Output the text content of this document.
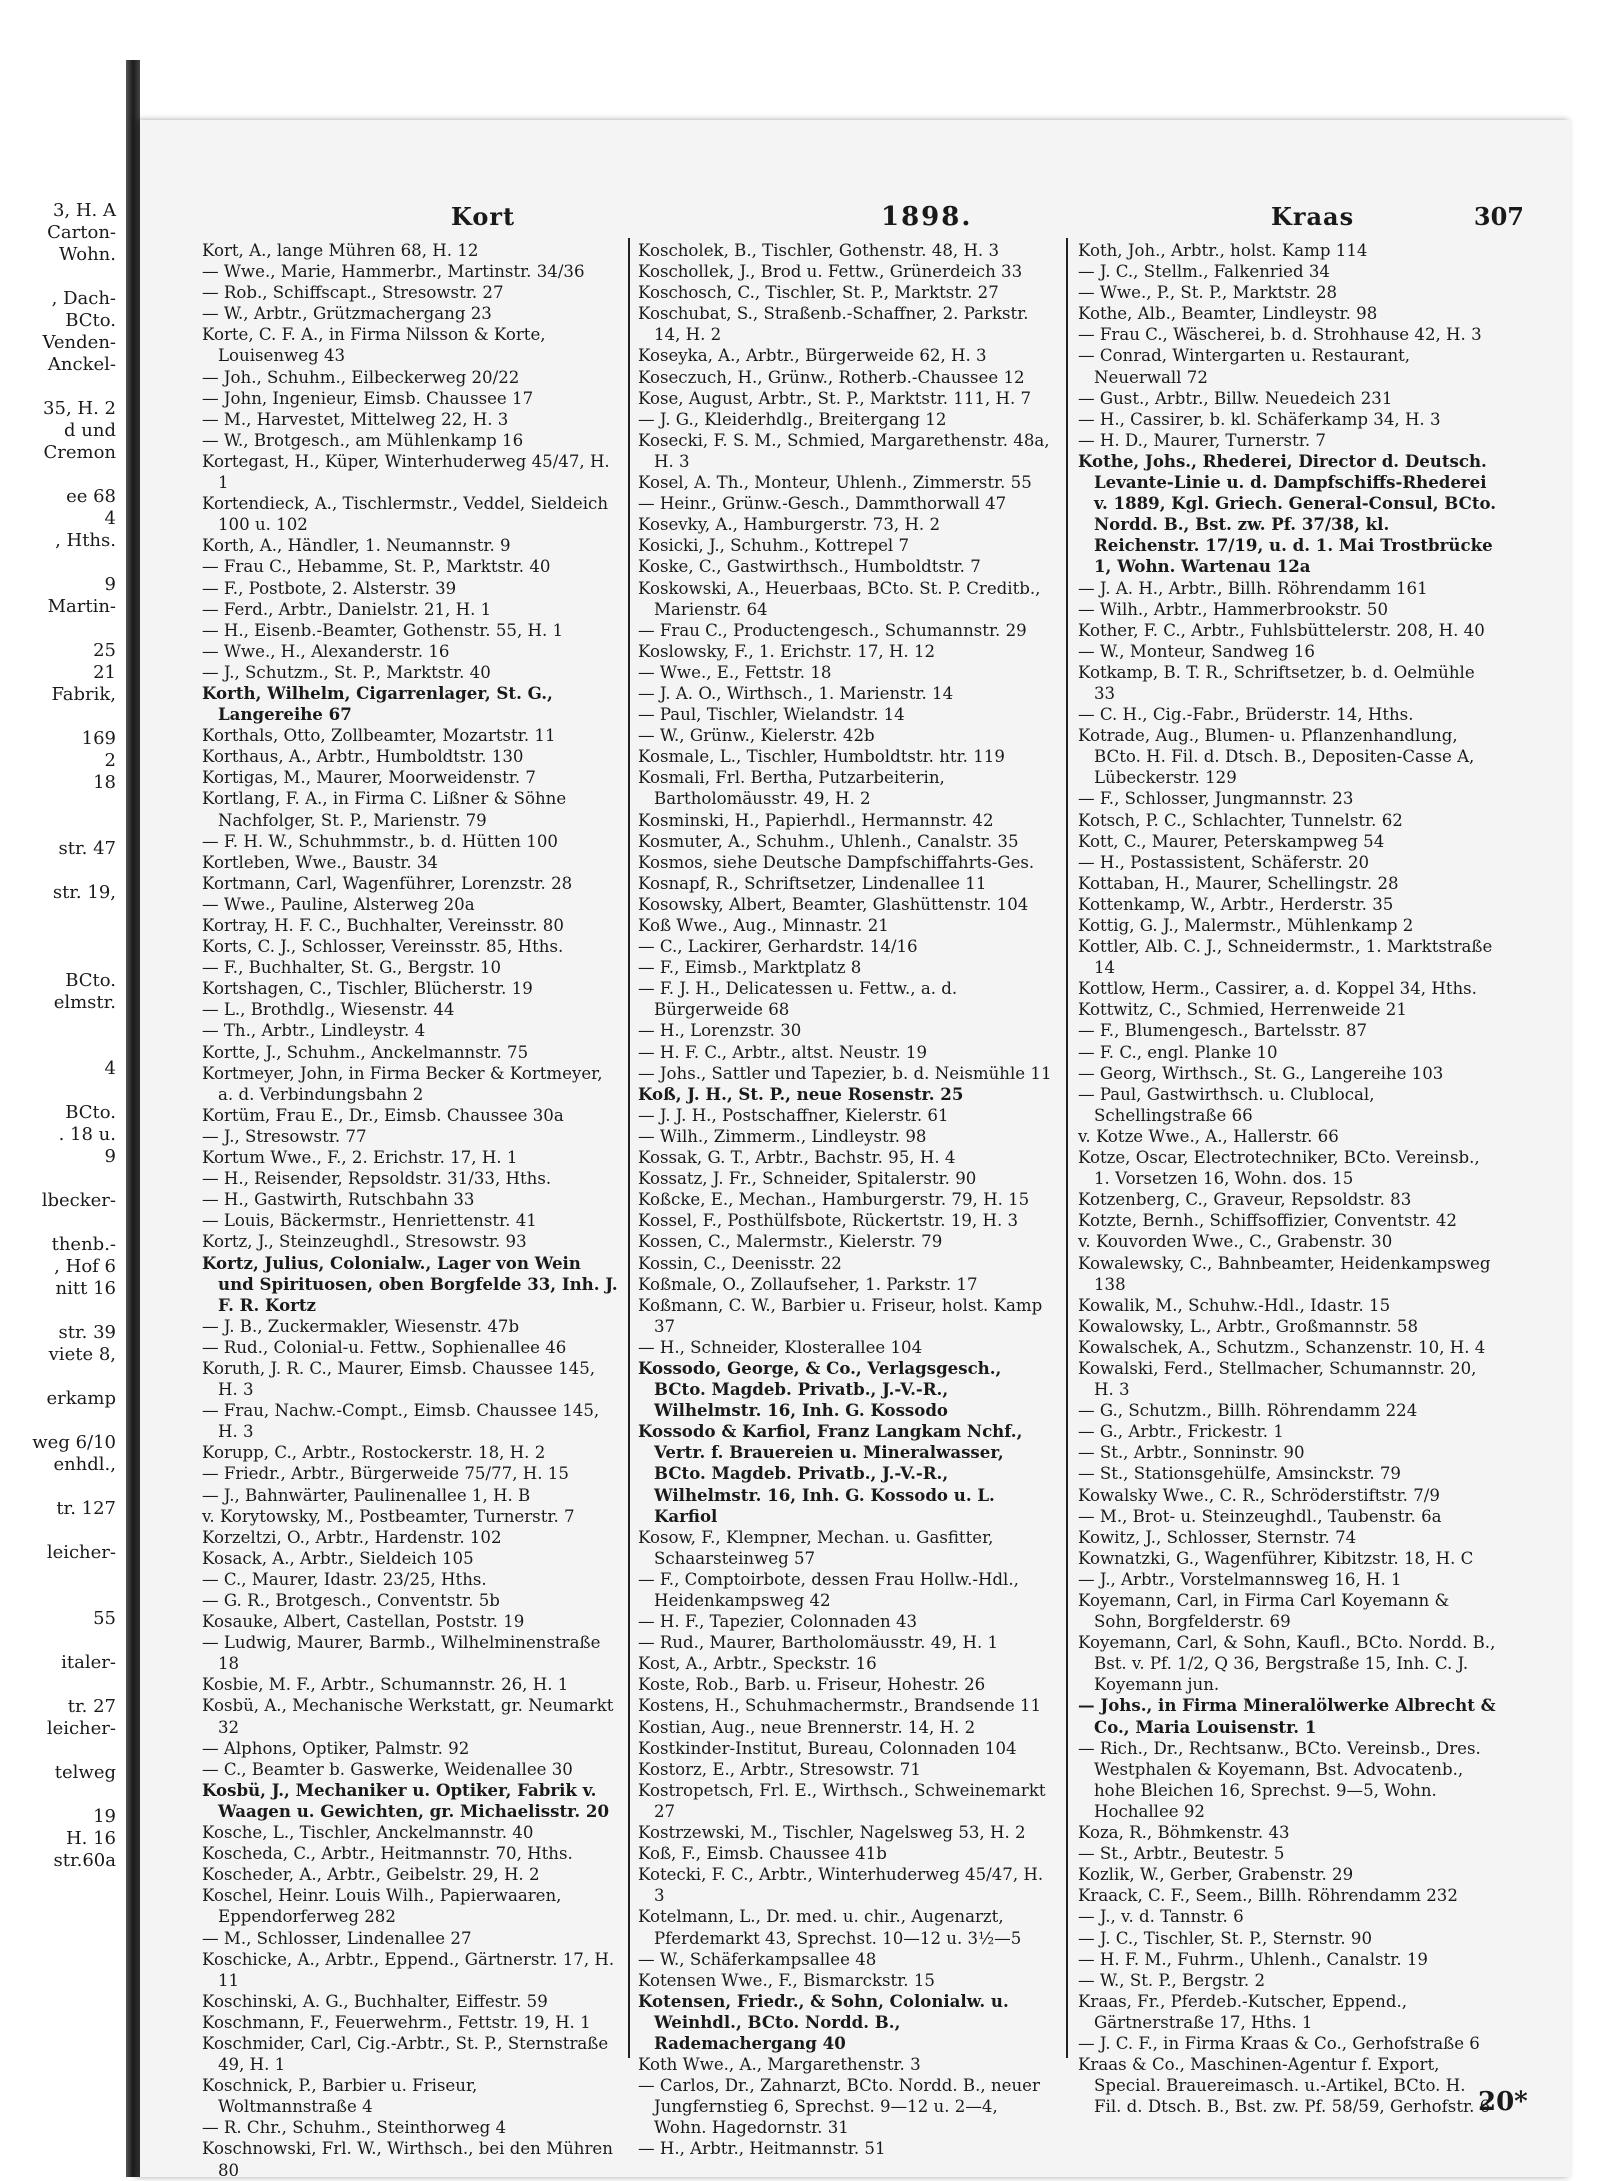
3, H. A
Carton-
Wohn.
, Dach-
BCto.
Venden-
Anckel-
35, H. 2
d und
Cremon
ee 68
4
, Hths.
9
Martin-
25
21
Fabrik,
169
2
18
str. 47
str. 19,
BCto.
elmstr.
4
BCto.
. 18 u.
9
lbecker-
thenb.-
, Hof 6
nitt 16
str. 39
viete 8,
erkamp
weg 6/10
enhdl.,
tr. 127
leicher-
55
italer-
tr. 27
leicher-
telweg
19
H. 16
str.60a
Kort	1898.	Kraas	307
Kort, A., lange Mühren 68, H. 12
— Wwe., Marie, Hammerbr., Martinstr. 34/36
— Rob., Schiffscapt., Stresowstr. 27
— W., Arbtr., Grützmachergang 23
Korte, C. F. A., in Firma Nilsson & Korte, Louisenweg 43
— Joh., Schuhm., Eilbeckerweg 20/22
— John, Ingenieur, Eimsb. Chaussee 17
— M., Harvestet, Mittelweg 22, H. 3
— W., Brotgesch., am Mühlenkamp 16
Kortegast, H., Küper, Winterhuderweg 45/47, H. 1
Kortendieck, A., Tischlermstr., Veddel, Sieldeich 100 u. 102
Korth, A., Händler, 1. Neumannstr. 9
— Frau C., Hebamme, St. P., Marktstr. 40
— F., Postbote, 2. Alsterstr. 39
— Ferd., Arbtr., Danielstr. 21, H. 1
— H., Eisenb.-Beamter, Gothenstr. 55, H. 1
— Wwe., H., Alexanderstr. 16
— J., Schutzm., St. P., Marktstr. 40
Korth, Wilhelm, Cigarrenlager, St. G., Langereihe 67
Korthals, Otto, Zollbeamter, Mozartstr. 11
Korthaus, A., Arbtr., Humboldtstr. 130
Kortigas, M., Maurer, Moorweidenstr. 7
Kortlang, F. A., in Firma C. Lißner & Söhne Nachfolger, St. P., Marienstr. 79
— F. H. W., Schuhmmstr., b. d. Hütten 100
Kortleben, Wwe., Baustr. 34
Kortmann, Carl, Wagenführer, Lorenzstr. 28
— Wwe., Pauline, Alsterweg 20a
Kortray, H. F. C., Buchhalter, Vereinsstr. 80
Korts, C. J., Schlosser, Vereinsstr. 85, Hths.
— F., Buchhalter, St. G., Bergstr. 10
Kortshagen, C., Tischler, Blücherstr. 19
— L., Brothdlg., Wiesenstr. 44
— Th., Arbtr., Lindleystr. 4
Kortte, J., Schuhm., Anckelmannstr. 75
Kortmeyer, John, in Firma Becker & Kortmeyer, a. d. Verbindungsbahn 2
Kortüm, Frau E., Dr., Eimsb. Chaussee 30a
— J., Stresowstr. 77
Kortum Wwe., F., 2. Erichstr. 17, H. 1
— H., Reisender, Repsoldstr. 31/33, Hths.
— H., Gastwirth, Rutschbahn 33
— Louis, Bäckermstr., Henriettenstr. 41
Kortz, J., Steinzeughdl., Stresowstr. 93
Kortz, Julius, Colonialw., Lager von Wein und Spirituosen, oben Borgfelde 33, Inh. J. F. R. Kortz
— J. B., Zuckermakler, Wiesenstr. 47b
— Rud., Colonial-u. Fettw., Sophienallee 46
Koruth, J. R. C., Maurer, Eimsb. Chaussee 145, H. 3
— Frau, Nachw.-Compt., Eimsb. Chaussee 145, H. 3
Korupp, C., Arbtr., Rostockerstr. 18, H. 2
— Friedr., Arbtr., Bürgerweide 75/77, H. 15
— J., Bahnwärter, Paulinenallee 1, H. B
v. Korytowsky, M., Postbeamter, Turnerstr. 7
Korzeltzi, O., Arbtr., Hardenstr. 102
Kosack, A., Arbtr., Sieldeich 105
— C., Maurer, Idastr. 23/25, Hths.
— G. R., Brotgesch., Conventstr. 5b
Kosauke, Albert, Castellan, Poststr. 19
— Ludwig, Maurer, Barmb., Wilhelminenstraße 18
Kosbie, M. F., Arbtr., Schumannstr. 26, H. 1
Kosbü, A., Mechanische Werkstatt, gr. Neumarkt 32
— Alphons, Optiker, Palmstr. 92
— C., Beamter b. Gaswerke, Weidenallee 30
Kosbü, J., Mechaniker u. Optiker, Fabrik v. Waagen u. Gewichten, gr. Michaelisstr. 20
Kosche, L., Tischler, Anckelmannstr. 40
Koscheda, C., Arbtr., Heitmannstr. 70, Hths.
Koscheder, A., Arbtr., Geibelstr. 29, H. 2
Koschel, Heinr. Louis Wilh., Papierwaaren, Eppendorferweg 282
— M., Schlosser, Lindenallee 27
Koschicke, A., Arbtr., Eppend., Gärtnerstr. 17, H. 11
Koschinski, A. G., Buchhalter, Eiffestr. 59
Koschmann, F., Feuerwehrm., Fettstr. 19, H. 1
Koschmider, Carl, Cig.-Arbtr., St. P., Sternstraße 49, H. 1
Koschnick, P., Barbier u. Friseur, Woltmannstraße 4
— R. Chr., Schuhm., Steinthorweg 4
Koschnowski, Frl. W., Wirthsch., bei den Mühren 80
Koscholek, B., Tischler, Gothenstr. 48, H. 3
Koschollek, J., Brod u. Fettw., Grünerdeich 33
Koschosch, C., Tischler, St. P., Marktstr. 27
Koschubat, S., Straßenb.-Schaffner, 2. Parkstr. 14, H. 2
Koseyka, A., Arbtr., Bürgerweide 62, H. 3
Koseczuch, H., Grünw., Rotherb.-Chaussee 12
Kose, August, Arbtr., St. P., Marktstr. 111, H. 7
— J. G., Kleiderhdlg., Breitergang 12
Kosecki, F. S. M., Schmied, Margarethenstr. 48a, H. 3
Kosel, A. Th., Monteur, Uhlenh., Zimmerstr. 55
— Heinr., Grünw.-Gesch., Dammthorwall 47
Kosevky, A., Hamburgerstr. 73, H. 2
Kosicki, J., Schuhm., Kottrepel 7
Koske, C., Gastwirthsch., Humboldtstr. 7
Koskowski, A., Heuerbaas, BCto. St. P. Creditb., Marienstr. 64
— Frau C., Productengesch., Schumannstr. 29
Koslowsky, F., 1. Erichstr. 17, H. 12
— Wwe., E., Fettstr. 18
— J. A. O., Wirthsch., 1. Marienstr. 14
— Paul, Tischler, Wielandstr. 14
— W., Grünw., Kielerstr. 42b
Kosmale, L., Tischler, Humboldtstr. htr. 119
Kosmali, Frl. Bertha, Putzarbeiterin, Bartholomäusstr. 49, H. 2
Kosminski, H., Papierhdl., Hermannstr. 42
Kosmuter, A., Schuhm., Uhlenh., Canalstr. 35
Kosmos, siehe Deutsche Dampfschiffahrts-Ges.
Kosnapf, R., Schriftsetzer, Lindenallee 11
Kosowsky, Albert, Beamter, Glashüttenstr. 104
Koß Wwe., Aug., Minnastr. 21
— C., Lackirer, Gerhardstr. 14/16
— F., Eimsb., Marktplatz 8
— F. J. H., Delicatessen u. Fettw., a. d. Bürgerweide 68
— H., Lorenzstr. 30
— H. F. C., Arbtr., altst. Neustr. 19
— Johs., Sattler und Tapezier, b. d. Neismühle 11
Koß, J. H., St. P., neue Rosenstr. 25
— J. J. H., Postschaffner, Kielerstr. 61
— Wilh., Zimmerm., Lindleystr. 98
Kossak, G. T., Arbtr., Bachstr. 95, H. 4
Kossatz, J. Fr., Schneider, Spitalerstr. 90
Koßcke, E., Mechan., Hamburgerstr. 79, H. 15
Kossel, F., Posthülfsbote, Rückertstr. 19, H. 3
Kossen, C., Malermstr., Kielerstr. 79
Kossin, C., Deenisstr. 22
Koßmale, O., Zollaufseher, 1. Parkstr. 17
Koßmann, C. W., Barbier u. Friseur, holst. Kamp 37
— H., Schneider, Klosterallee 104
Kossodo, George, & Co., Verlagsgesch., BCto. Magdeb. Privatb., J.-V.-R., Wilhelmstr. 16, Inh. G. Kossodo
Kossodo & Karfiol, Franz Langkam Nchf., Vertr. f. Brauereien u. Mineralwasser, BCto. Magdeb. Privatb., J.-V.-R., Wilhelmstr. 16, Inh. G. Kossodo u. L. Karfiol
Kosow, F., Klempner, Mechan. u. Gasfitter, Schaarsteinweg 57
— F., Comptoirbote, dessen Frau Hollw.-Hdl., Heidenkampsweg 42
— H. F., Tapezier, Colonnaden 43
— Rud., Maurer, Bartholomäusstr. 49, H. 1
Kost, A., Arbtr., Speckstr. 16
Koste, Rob., Barb. u. Friseur, Hohestr. 26
Kostens, H., Schuhmachermstr., Brandsende 11
Kostian, Aug., neue Brennerstr. 14, H. 2
Kostkinder-Institut, Bureau, Colonnaden 104
Kostorz, E., Arbtr., Stresowstr. 71
Kostropetsch, Frl. E., Wirthsch., Schweinemarkt 27
Kostrzewski, M., Tischler, Nagelsweg 53, H. 2
Koß, F., Eimsb. Chaussee 41b
Kotecki, F. C., Arbtr., Winterhuderweg 45/47, H. 3
Kotelmann, L., Dr. med. u. chir., Augenarzt, Pferdemarkt 43, Sprechst. 10—12 u. 3½—5
— W., Schäferkampsallee 48
Kotensen Wwe., F., Bismarckstr. 15
Kotensen, Friedr., & Sohn, Colonialw. u. Weinhdl., BCto. Nordd. B., Rademachergang 40
Koth Wwe., A., Margarethenstr. 3
— Carlos, Dr., Zahnarzt, BCto. Nordd. B., neuer Jungfernstieg 6, Sprechst. 9—12 u. 2—4, Wohn. Hagedornstr. 31
— H., Arbtr., Heitmannstr. 51
Koth, Joh., Arbtr., holst. Kamp 114
— J. C., Stellm., Falkenried 34
— Wwe., P., St. P., Marktstr. 28
Kothe, Alb., Beamter, Lindleystr. 98
— Frau C., Wäscherei, b. d. Strohhause 42, H. 3
— Conrad, Wintergarten u. Restaurant, Neuerwall 72
— Gust., Arbtr., Billw. Neuedeich 231
— H., Cassirer, b. kl. Schäferkamp 34, H. 3
— H. D., Maurer, Turnerstr. 7
Kothe, Johs., Rhederei, Director d. Deutsch. Levante-Linie u. d. Dampfschiffs-Rhederei v. 1889, Kgl. Griech. General-Consul, BCto. Nordd. B., Bst. zw. Pf. 37/38, kl. Reichenstr. 17/19, u. d. 1. Mai Trostbrücke 1, Wohn. Wartenau 12a
— J. A. H., Arbtr., Billh. Röhrendamm 161
— Wilh., Arbtr., Hammerbrookstr. 50
Kother, F. C., Arbtr., Fuhlsbüttelerstr. 208, H. 40
— W., Monteur, Sandweg 16
Kotkamp, B. T. R., Schriftsetzer, b. d. Oelmühle 33
— C. H., Cig.-Fabr., Brüderstr. 14, Hths.
Kotrade, Aug., Blumen- u. Pflanzenhandlung, BCto. H. Fil. d. Dtsch. B., Depositen-Casse A, Lübeckerstr. 129
— F., Schlosser, Jungmannstr. 23
Kotsch, P. C., Schlachter, Tunnelstr. 62
Kott, C., Maurer, Peterskampweg 54
— H., Postassistent, Schäferstr. 20
Kottaban, H., Maurer, Schellingstr. 28
Kottenkamp, W., Arbtr., Herderstr. 35
Kottig, G. J., Malermstr., Mühlenkamp 2
Kottler, Alb. C. J., Schneidermstr., 1. Marktstraße 14
Kottlow, Herm., Cassirer, a. d. Koppel 34, Hths.
Kottwitz, C., Schmied, Herrenweide 21
— F., Blumengesch., Bartelsstr. 87
— F. C., engl. Planke 10
— Georg, Wirthsch., St. G., Langereihe 103
— Paul, Gastwirthsch. u. Clublocal, Schellingstraße 66
v. Kotze Wwe., A., Hallerstr. 66
Kotze, Oscar, Electrotechniker, BCto. Vereinsb., 1. Vorsetzen 16, Wohn. dos. 15
Kotzenberg, C., Graveur, Repsoldstr. 83
Kotzte, Bernh., Schiffsoffizier, Conventstr. 42
v. Kouvorden Wwe., C., Grabenstr. 30
Kowalewsky, C., Bahnbeamter, Heidenkampsweg 138
Kowalik, M., Schuhw.-Hdl., Idastr. 15
Kowalowsky, L., Arbtr., Großmannstr. 58
Kowalschek, A., Schutzm., Schanzenstr. 10, H. 4
Kowalski, Ferd., Stellmacher, Schumannstr. 20, H. 3
— G., Schutzm., Billh. Röhrendamm 224
— G., Arbtr., Frickestr. 1
— St., Arbtr., Sonninstr. 90
— St., Stationsgehülfe, Amsinckstr. 79
Kowalsky Wwe., C. R., Schröderstiftstr. 7/9
— M., Brot- u. Steinzeughdl., Taubenstr. 6a
Kowitz, J., Schlosser, Sternstr. 74
Kownatzki, G., Wagenführer, Kibitzstr. 18, H. C
— J., Arbtr., Vorstelmannsweg 16, H. 1
Koyemann, Carl, in Firma Carl Koyemann & Sohn, Borgfelderstr. 69
Koyemann, Carl, & Sohn, Kaufl., BCto. Nordd. B., Bst. v. Pf. 1/2, Q 36, Bergstraße 15, Inh. C. J. Koyemann jun.
— Johs., in Firma Mineralölwerke Albrecht & Co., Maria Louisenstr. 1
— Rich., Dr., Rechtsanw., BCto. Vereinsb., Dres. Westphalen & Koyemann, Bst. Advocatenb., hohe Bleichen 16, Sprechst. 9—5, Wohn. Hochallee 92
Koza, R., Böhmkenstr. 43
— St., Arbtr., Beutestr. 5
Kozlik, W., Gerber, Grabenstr. 29
Kraack, C. F., Seem., Billh. Röhrendamm 232
— J., v. d. Tannstr. 6
— J. C., Tischler, St. P., Sternstr. 90
— H. F. M., Fuhrm., Uhlenh., Canalstr. 19
— W., St. P., Bergstr. 2
Kraas, Fr., Pferdeb.-Kutscher, Eppend., Gärtnerstraße 17, Hths. 1
— J. C. F., in Firma Kraas & Co., Gerhofstraße 6
Kraas & Co., Maschinen-Agentur f. Export, Special. Brauereimasch. u.-Artikel, BCto. H. Fil. d. Dtsch. B., Bst. zw. Pf. 58/59, Gerhofstr. 6
20*
